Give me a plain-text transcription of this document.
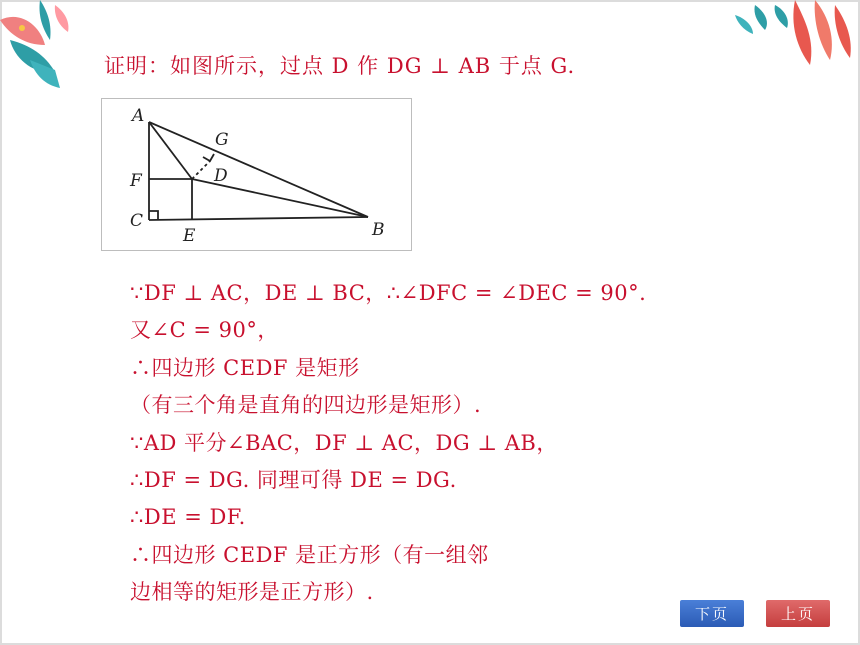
证明：如图所示，过点 D 作 DG ⊥ AB 于点 G.
A
B
C
D
E
F
G
∵DF ⊥ AC，DE ⊥ BC，∴∠DFC = ∠DEC = 90°.
又∠C = 90°，
∴四边形 CEDF 是矩形
（有三个角是直角的四边形是矩形）.
∵AD 平分∠BAC，DF ⊥ AC，DG ⊥ AB，
∴DF = DG. 同理可得 DE = DG.
∴DE = DF.
∴四边形 CEDF 是正方形（有一组邻
边相等的矩形是正方形）.
下页	上页
